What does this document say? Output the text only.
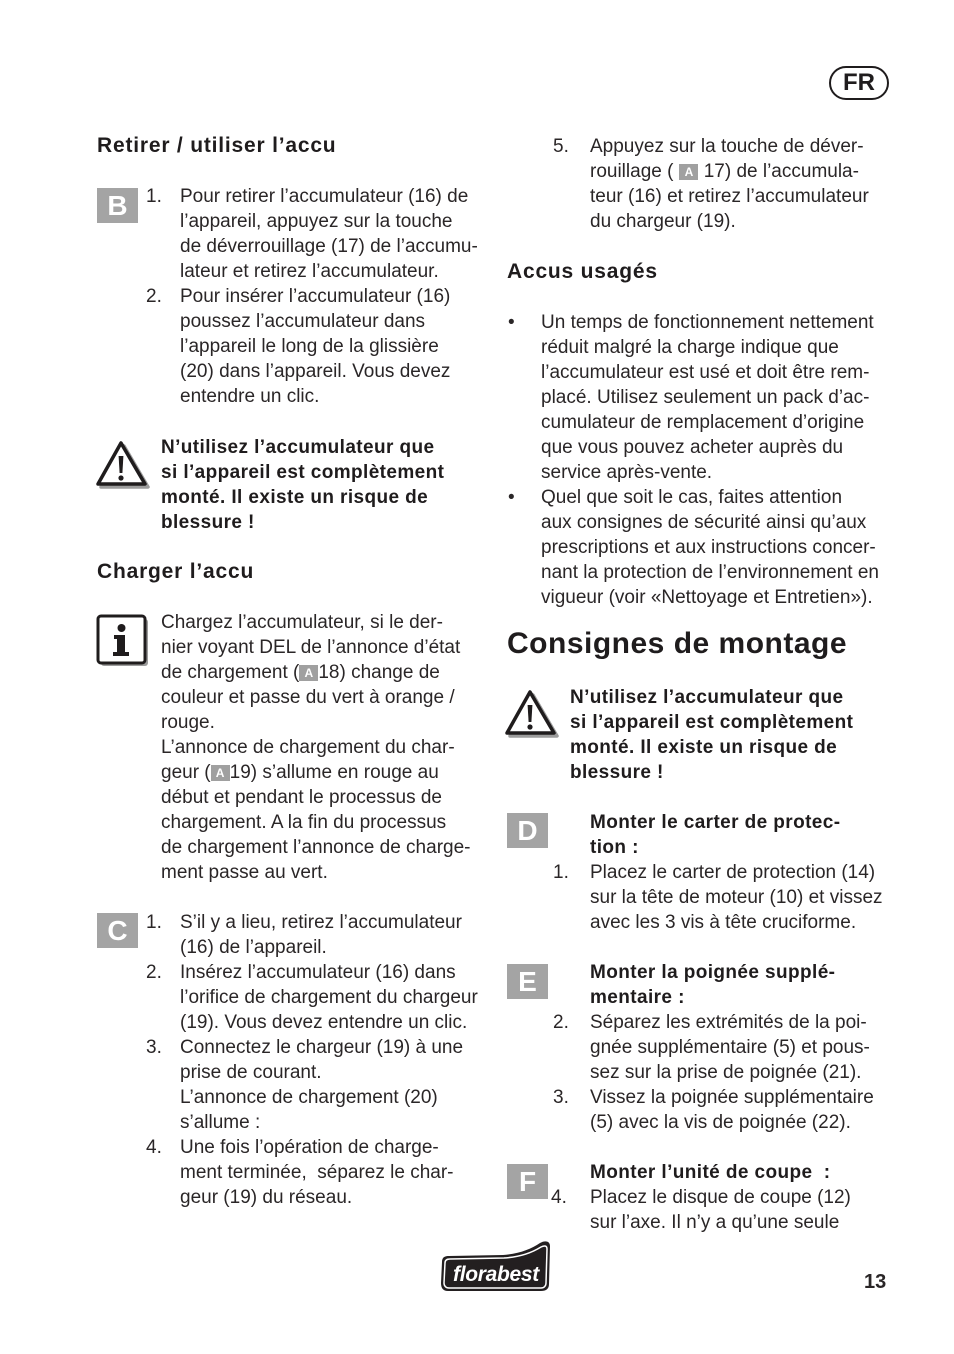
FR
Retirer / utiliser l’accu
B 1. Pour retirer l’accumulateur (16) de
l’appareil, appuyez sur la touche
de déverrouillage (17) de l’accumu-
lateur et retirez l’accumulateur.
2. Pour insérer l’accumulateur (16)
poussez l’accumulateur dans
l’appareil le long de la glissière
(20) dans l’appareil. Vous devez
entendre un clic.
N’utilisez l’accumulateur que
si l’appareil est complètement
monté. Il existe un risque de
blessure !
Charger l’accu
Chargez l’accumulateur, si le der-
nier voyant DEL de l’annonce d’état
de chargement ( A 18) change de
couleur et passe du vert à orange /
rouge.
L’annonce de chargement du char-
geur ( A 19) s’allume en rouge au
début et pendant le processus de
chargement. A la fin du processus
de chargement l’annonce de charge-
ment passe au vert.
C 1. S’il y a lieu, retirez l’accumulateur
(16) de l’appareil.
2. Insérez l’accumulateur (16) dans
l’orifice de chargement du chargeur
(19). Vous devez entendre un clic.
3. Connectez le chargeur (19) à une
prise de courant.
L’annonce de chargement (20)
s’allume :
4. Une fois l’opération de charge-
ment terminée,  séparez le char-
geur (19) du réseau.
5. Appuyez sur la touche de déver-
rouillage ( A 17) de l’accumula-
teur (16) et retirez l’accumulateur
du chargeur (19).
Accus usagés
• Un temps de fonctionnement nettement
réduit malgré la charge indique que
l’accumulateur est usé et doit être rem-
placé. Utilisez seulement un pack d’ac-
cumulateur de remplacement d’origine
que vous pouvez acheter auprès du
service après-vente.
• Quel que soit le cas, faites attention
aux consignes de sécurité ainsi qu’aux
prescriptions et aux instructions concer-
nant la protection de l’environnement en
vigueur (voir «Nettoyage et Entretien»).
Consignes de montage
N’utilisez l’accumulateur que
si l’appareil est complètement
monté. Il existe un risque de
blessure !
D	Monter le carter de protec-
tion :
1. Placez le carter de protection (14)
sur la tête de moteur (10) et vissez
avec les 3 vis à tête cruciforme.
E	Monter la poignée supplé-
mentaire :
2. Séparez les extrémités de la poi-
gnée supplémentaire (5) et pous-
sez sur la prise de poignée (21).
3. Vissez la poignée supplémentaire
(5) avec la vis de poignée (22).
F	Monter l’unité de coupe  :
4. Placez le disque de coupe (12)
sur l’axe. Il n’y a qu’une seule
florabest	13
